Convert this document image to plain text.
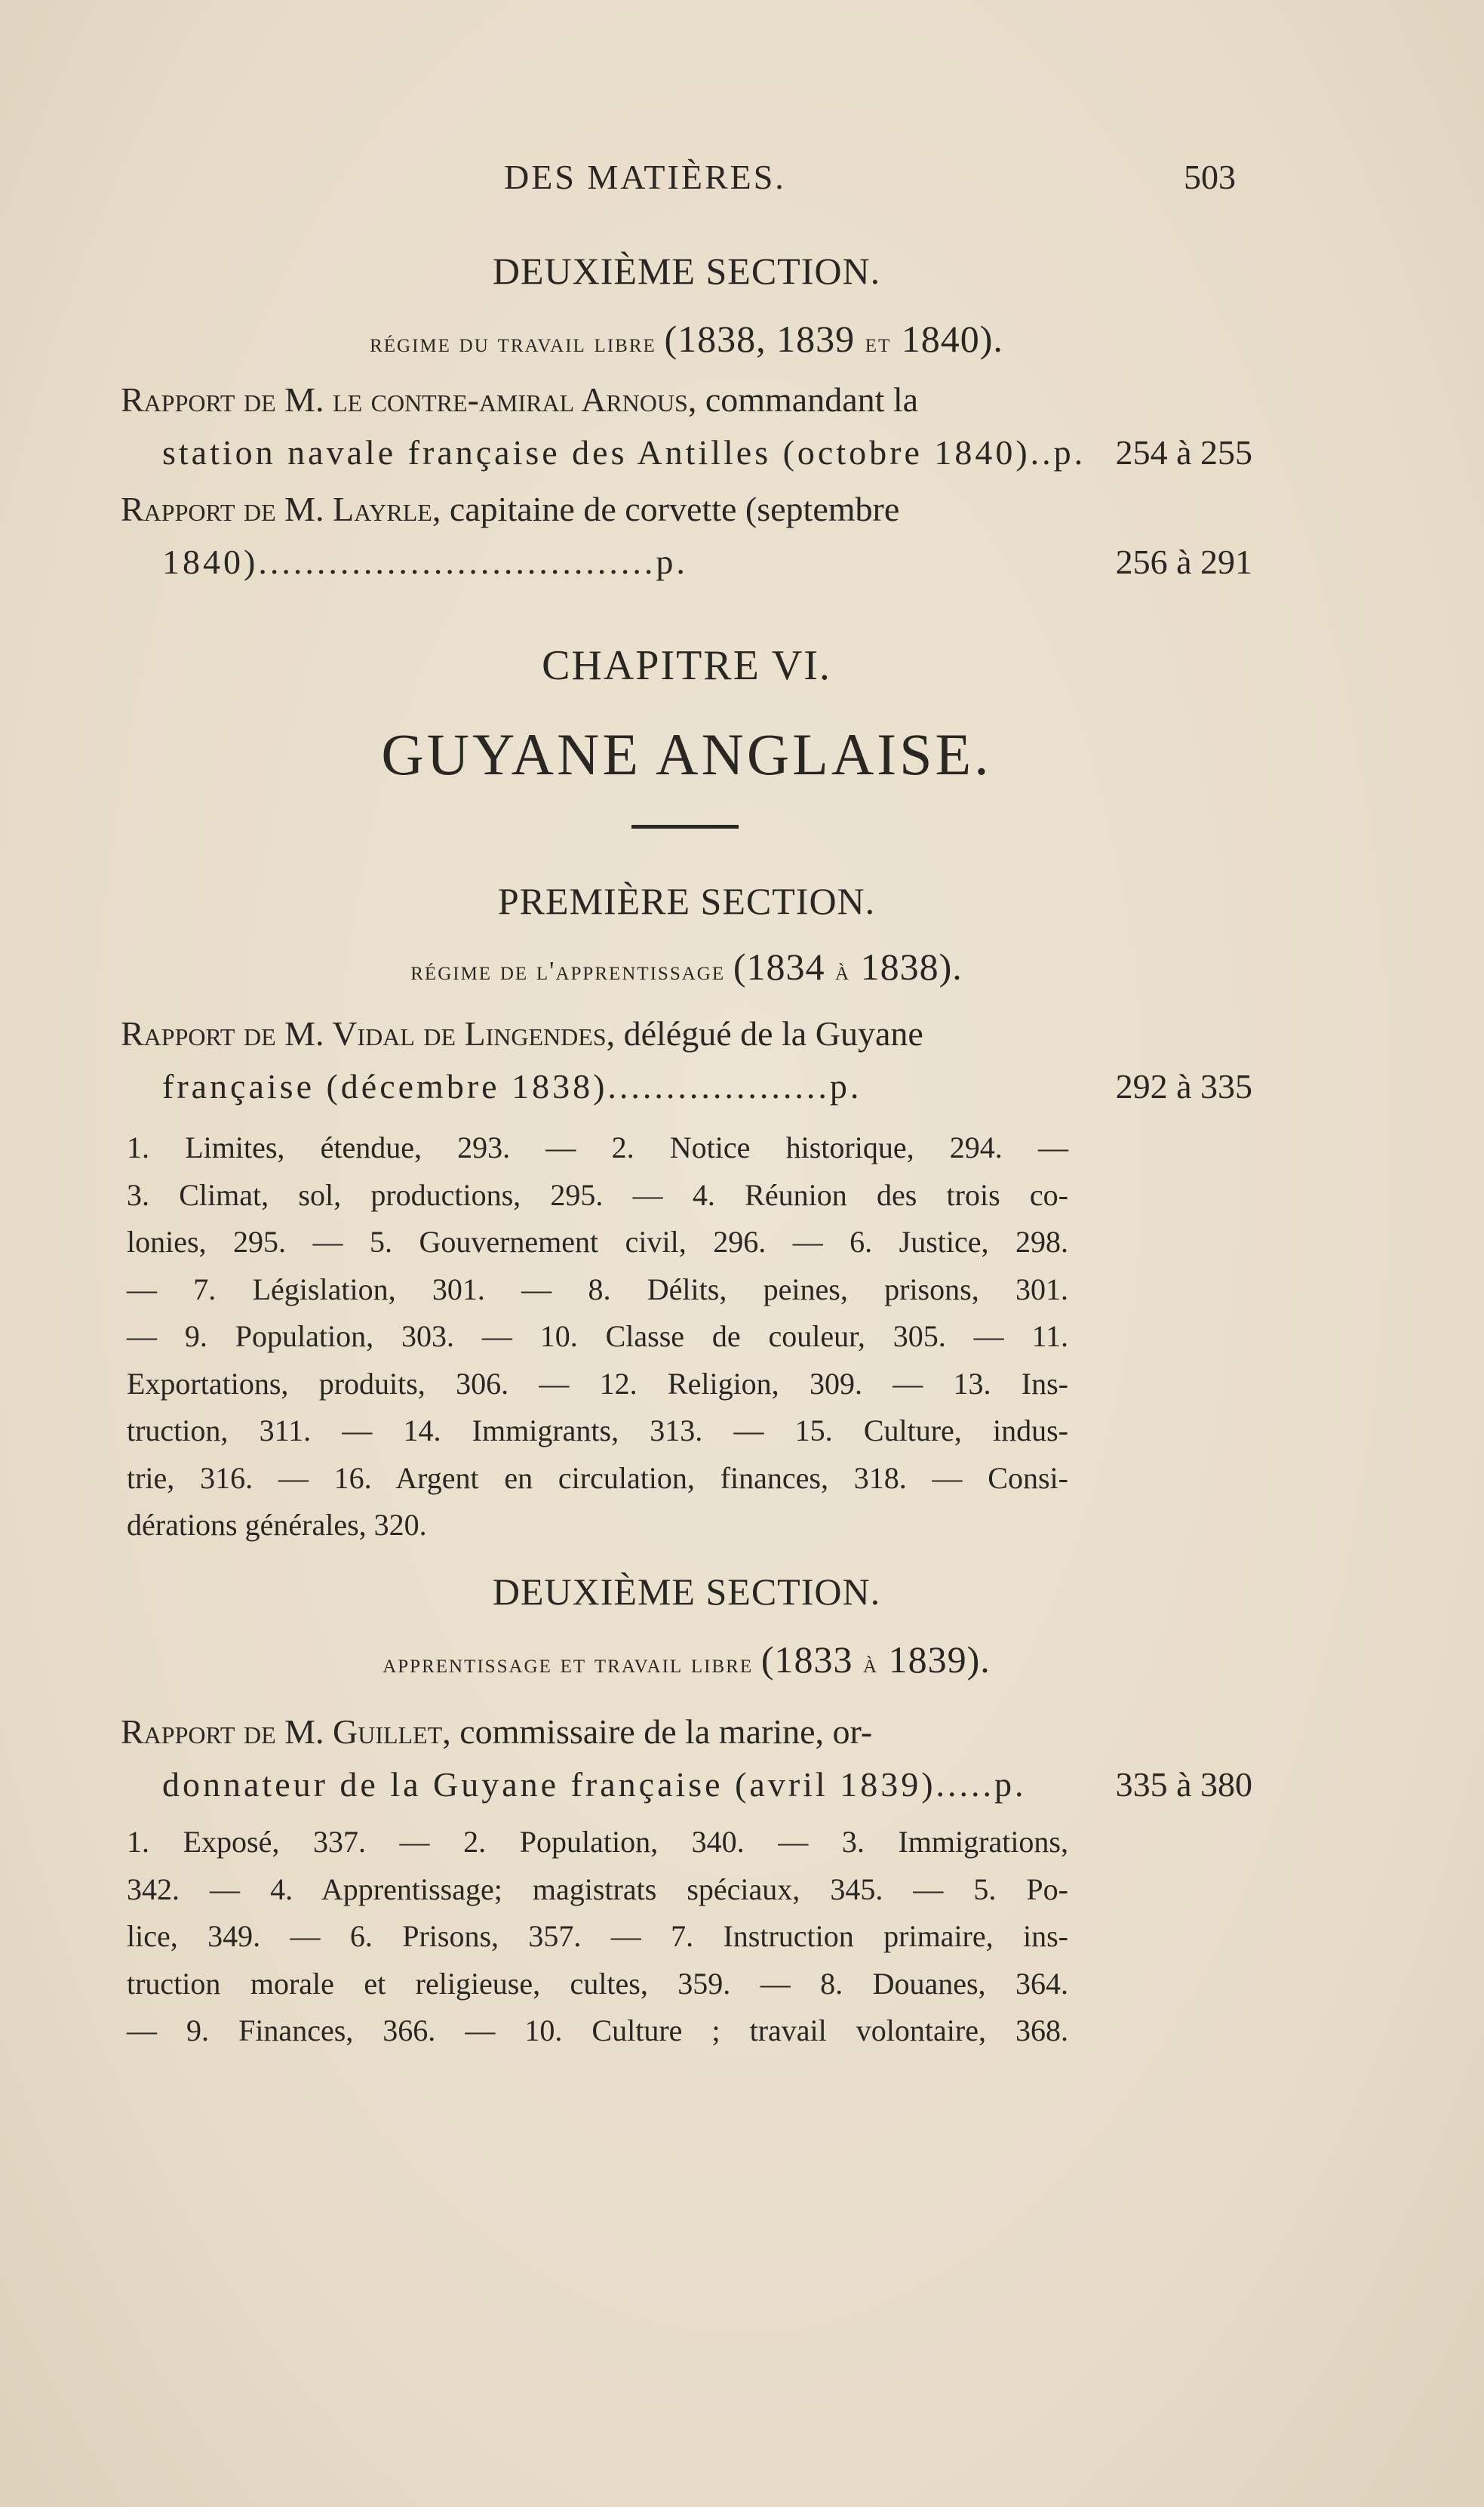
DES MATIÈRES.	503
DEUXIÈME SECTION.
régime du travail libre (1838, 1839 et 1840).
Rapport de M. le contre-amiral Arnous, commandant la
station navale française des Antilles (octobre 1840)..p. 254 à 255
Rapport de M. Layrle, capitaine de corvette (septembre
1840)..................................p.	256 à 291
CHAPITRE VI.
GUYANE ANGLAISE.
PREMIÈRE SECTION.
régime de l'apprentissage (1834 à 1838).
Rapport de M. Vidal de Lingendes, délégué de la Guyane
française (décembre 1838)...................p.	292 à 335
1. Limites, étendue, 293. — 2. Notice historique, 294. —
3. Climat, sol, productions, 295. — 4. Réunion des trois co-
lonies, 295. — 5. Gouvernement civil, 296. — 6. Justice, 298.
— 7. Législation, 301. — 8. Délits, peines, prisons, 301.
— 9. Population, 303. — 10. Classe de couleur, 305. — 11.
Exportations, produits, 306. — 12. Religion, 309. — 13. Ins-
truction, 311. — 14. Immigrants, 313. — 15. Culture, indus-
trie, 316. — 16. Argent en circulation, finances, 318. — Consi-
dérations générales, 320.
DEUXIÈME SECTION.
apprentissage et travail libre (1833 à 1839).
Rapport de M. Guillet, commissaire de la marine, or-
donnateur de la Guyane française (avril 1839).....p.	335 à 380
1. Exposé, 337. — 2. Population, 340. — 3. Immigrations,
342. — 4. Apprentissage; magistrats spéciaux, 345. — 5. Po-
lice, 349. — 6. Prisons, 357. — 7. Instruction primaire, ins-
truction morale et religieuse, cultes, 359. — 8. Douanes, 364.
— 9. Finances, 366. — 10. Culture ; travail volontaire, 368.
